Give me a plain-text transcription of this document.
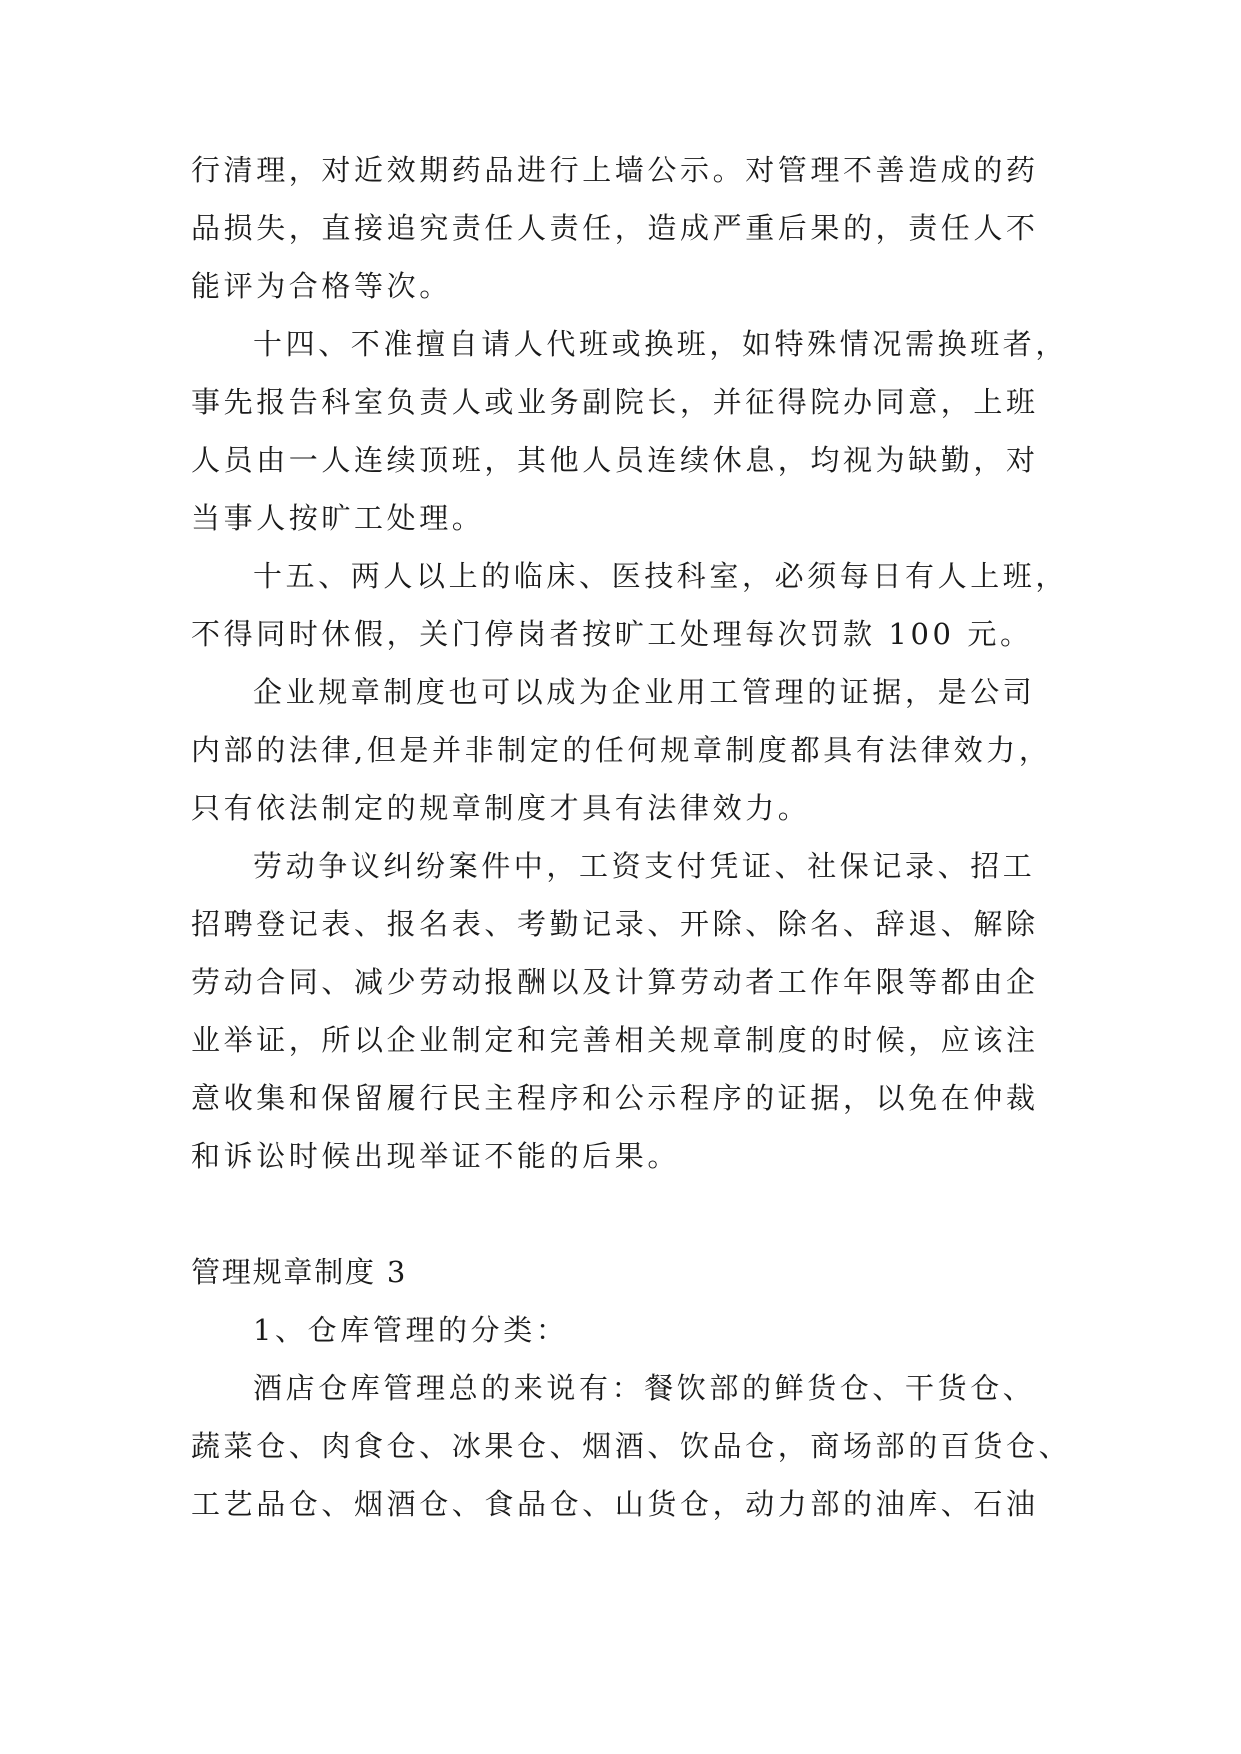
行清理，对近效期药品进行上墙公示。对管理不善造成的药
品损失，直接追究责任人责任，造成严重后果的，责任人不
能评为合格等次。
十四、不准擅自请人代班或换班，如特殊情况需换班者，
事先报告科室负责人或业务副院长，并征得院办同意，上班
人员由一人连续顶班，其他人员连续休息，均视为缺勤，对
当事人按旷工处理。
十五、两人以上的临床、医技科室，必须每日有人上班，
不得同时休假，关门停岗者按旷工处理每次罚款 100 元。
企业规章制度也可以成为企业用工管理的证据，是公司
内部的法律,但是并非制定的任何规章制度都具有法律效力，
只有依法制定的规章制度才具有法律效力。
劳动争议纠纷案件中，工资支付凭证、社保记录、招工
招聘登记表、报名表、考勤记录、开除、除名、辞退、解除
劳动合同、减少劳动报酬以及计算劳动者工作年限等都由企
业举证，所以企业制定和完善相关规章制度的时候，应该注
意收集和保留履行民主程序和公示程序的证据，以免在仲裁
和诉讼时候出现举证不能的后果。
管理规章制度 3
1、仓库管理的分类：
酒店仓库管理总的来说有：餐饮部的鲜货仓、干货仓、
蔬菜仓、肉食仓、冰果仓、烟酒、饮品仓，商场部的百货仓、
工艺品仓、烟酒仓、食品仓、山货仓，动力部的油库、石油
